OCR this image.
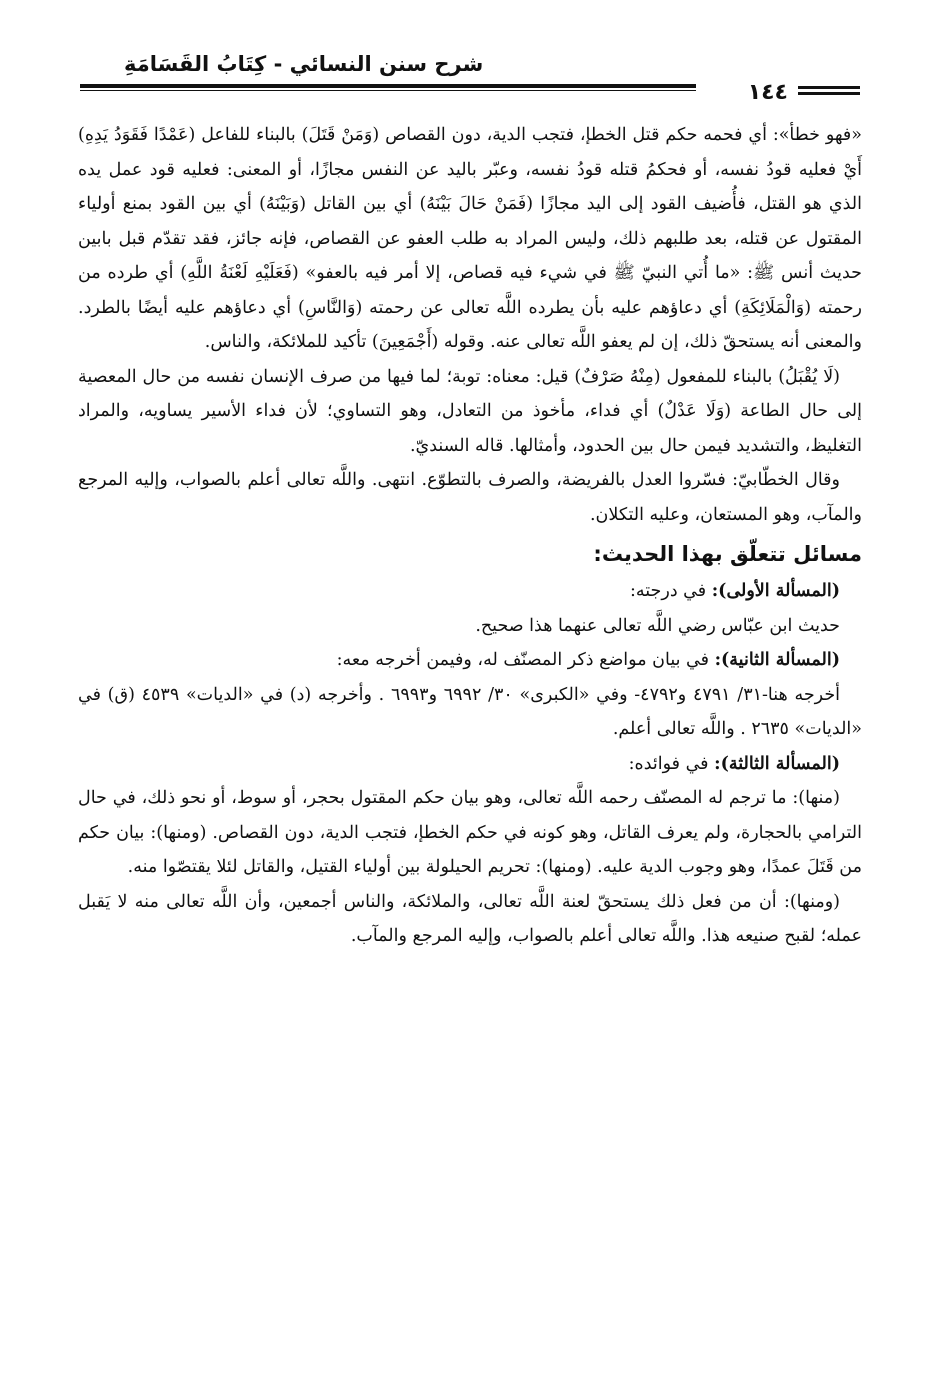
شرح سنن النسائي - كِتَابُ القَسَامَةِ
١٤٤

«فهو خطأ»: أي فحمه حكم قتل الخطإ، فتجب الدية، دون القصاص (وَمَنْ قَتَلَ) بالبناء للفاعل (عَمْدًا فَقَوَدُ يَدِهِ) أَيْ فعليه قودُ نفسه، أو فحكمُ قتله قودُ نفسه، وعبّر باليد عن النفس مجازًا، أو المعنى: فعليه قود عمل يده الذي هو القتل، فأُضيف القود إلى اليد مجازًا (فَمَنْ حَالَ بَيْنَهُ) أي بين القاتل (وَبَيْنَهُ) أي بين القود بمنع أولياء المقتول عن قتله، بعد طلبهم ذلك، وليس المراد به طلب العفو عن القصاص، فإنه جائز، فقد تقدّم قبل بابين حديث أنس ﷺ: «ما أُتي النبيّ ﷺ في شيء فيه قصاص، إلا أمر فيه بالعفو» (فَعَلَيْهِ لَعْنَةُ اللَّهِ) أي طرده من رحمته (وَالْمَلَائِكَةِ) أي دعاؤهم عليه بأن يطرده اللَّه تعالى عن رحمته (وَالنَّاسِ) أي دعاؤهم عليه أيضًا بالطرد. والمعنى أنه يستحقّ ذلك، إن لم يعفو اللَّه تعالى عنه. وقوله (أَجْمَعِينَ) تأكيد للملائكة، والناس.

(لَا يُقْبَلُ) بالبناء للمفعول (مِنْهُ صَرْفٌ) قيل: معناه: توبة؛ لما فيها من صرف الإنسان نفسه من حال المعصية إلى حال الطاعة (وَلَا عَدْلٌ) أي فداء، مأخوذ من التعادل، وهو التساوي؛ لأن فداء الأسير يساويه، والمراد التغليظ، والتشديد فيمن حال بين الحدود، وأمثالها. قاله السنديّ.

وقال الخطّابيّ: فسّروا العدل بالفريضة، والصرف بالتطوّع. انتهى. واللَّه تعالى أعلم بالصواب، وإليه المرجع والمآب، وهو المستعان، وعليه التكلان.

مسائل تتعلّق بهذا الحديث:

(المسألة الأولى): في درجته:

حديث ابن عبّاس رضي اللَّه تعالى عنهما هذا صحيح.

(المسألة الثانية): في بيان مواضع ذكر المصنّف له، وفيمن أخرجه معه:

أخرجه هنا-٣١/ ٤٧٩١ و٤٧٩٢- وفي «الكبرى» ٣٠/ ٦٩٩٢ و٦٩٩٣ . وأخرجه (د) في «الديات» ٤٥٣٩ (ق) في «الديات» ٢٦٣٥ . واللَّه تعالى أعلم.

(المسألة الثالثة): في فوائده:

(منها): ما ترجم له المصنّف رحمه اللَّه تعالى، وهو بيان حكم المقتول بحجر، أو سوط، أو نحو ذلك، في حال الترامي بالحجارة، ولم يعرف القاتل، وهو كونه في حكم الخطإ، فتجب الدية، دون القصاص. (ومنها): بيان حكم من قَتَلَ عمدًا، وهو وجوب الدية عليه. (ومنها): تحريم الحيلولة بين أولياء القتيل، والقاتل لئلا يقتصّوا منه.

(ومنها): أن من فعل ذلك يستحقّ لعنة اللَّه تعالى، والملائكة، والناس أجمعين، وأن اللَّه تعالى منه لا يَقبل عمله؛ لقبح صنيعه هذا. واللَّه تعالى أعلم بالصواب، وإليه المرجع والمآب.
